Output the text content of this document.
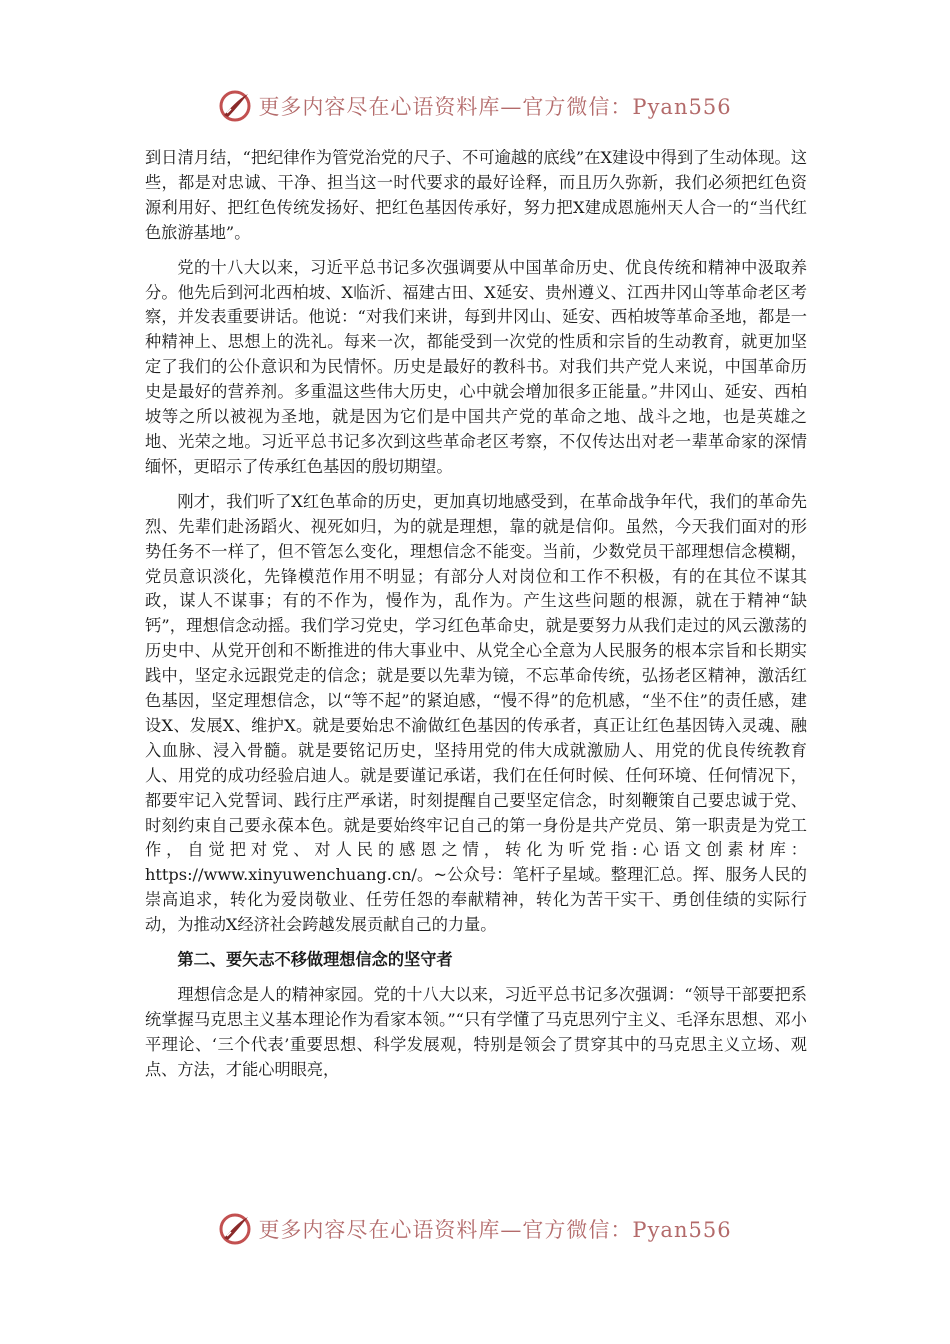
更多内容尽在心语资料库—官方微信：Pyan556

到日清月结，“把纪律作为管党治党的尺子、不可逾越的底线”在X建设中得到了生动体现。这些，都是对忠诚、干净、担当这一时代要求的最好诠释，而且历久弥新，我们必须把红色资源利用好、把红色传统发扬好、把红色基因传承好，努力把X建成恩施州天人合一的“当代红色旅游基地”。

党的十八大以来，习近平总书记多次强调要从中国革命历史、优良传统和精神中汲取养分。他先后到河北西柏坡、X临沂、福建古田、X延安、贵州遵义、江西井冈山等革命老区考察，并发表重要讲话。他说：“对我们来讲，每到井冈山、延安、西柏坡等革命圣地，都是一种精神上、思想上的洗礼。每来一次，都能受到一次党的性质和宗旨的生动教育，就更加坚定了我们的公仆意识和为民情怀。历史是最好的教科书。对我们共产党人来说，中国革命历史是最好的营养剂。多重温这些伟大历史，心中就会增加很多正能量。”井冈山、延安、西柏坡等之所以被视为圣地，就是因为它们是中国共产党的革命之地、战斗之地，也是英雄之地、光荣之地。习近平总书记多次到这些革命老区考察，不仅传达出对老一辈革命家的深情缅怀，更昭示了传承红色基因的殷切期望。

刚才，我们听了X红色革命的历史，更加真切地感受到，在革命战争年代，我们的革命先烈、先辈们赴汤蹈火、视死如归，为的就是理想，靠的就是信仰。虽然，今天我们面对的形势任务不一样了，但不管怎么变化，理想信念不能变。当前，少数党员干部理想信念模糊，党员意识淡化，先锋模范作用不明显；有部分人对岗位和工作不积极，有的在其位不谋其政，谋人不谋事；有的不作为，慢作为，乱作为。产生这些问题的根源，就在于精神“缺钙”，理想信念动摇。我们学习党史，学习红色革命史，就是要努力从我们走过的风云激荡的历史中、从党开创和不断推进的伟大事业中、从党全心全意为人民服务的根本宗旨和长期实践中，坚定永远跟党走的信念；就是要以先辈为镜，不忘革命传统，弘扬老区精神，激活红色基因，坚定理想信念，以“等不起”的紧迫感，“慢不得”的危机感，“坐不住”的责任感，建设X、发展X、维护X。就是要始忠不渝做红色基因的传承者，真正让红色基因铸入灵魂、融入血脉、浸入骨髓。就是要铭记历史，坚持用党的伟大成就激励人、用党的优良传统教育人、用党的成功经验启迪人。就是要谨记承诺，我们在任何时候、任何环境、任何情况下，都要牢记入党誓词、践行庄严承诺，时刻提醒自己要坚定信念，时刻鞭策自己要忠诚于党、时刻约束自己要永葆本色。就是要始终牢记自己的第一身份是共产党员、第一职责是为党工作，自觉把对党、对人民的感恩之情，转化为听党指:心语文创素材库：https://www.xinyuwenchuang.cn/。~公众号：笔杆子星域。整理汇总。挥、服务人民的崇高追求，转化为爱岗敬业、任劳任怨的奉献精神，转化为苦干实干、勇创佳绩的实际行动，为推动X经济社会跨越发展贡献自己的力量。

第二、要矢志不移做理想信念的坚守者

理想信念是人的精神家园。党的十八大以来，习近平总书记多次强调：“领导干部要把系统掌握马克思主义基本理论作为看家本领。”“只有学懂了马克思列宁主义、毛泽东思想、邓小平理论、‘三个代表’重要思想、科学发展观，特别是领会了贯穿其中的马克思主义立场、观点、方法，才能心明眼亮，

更多内容尽在心语资料库—官方微信：Pyan556
